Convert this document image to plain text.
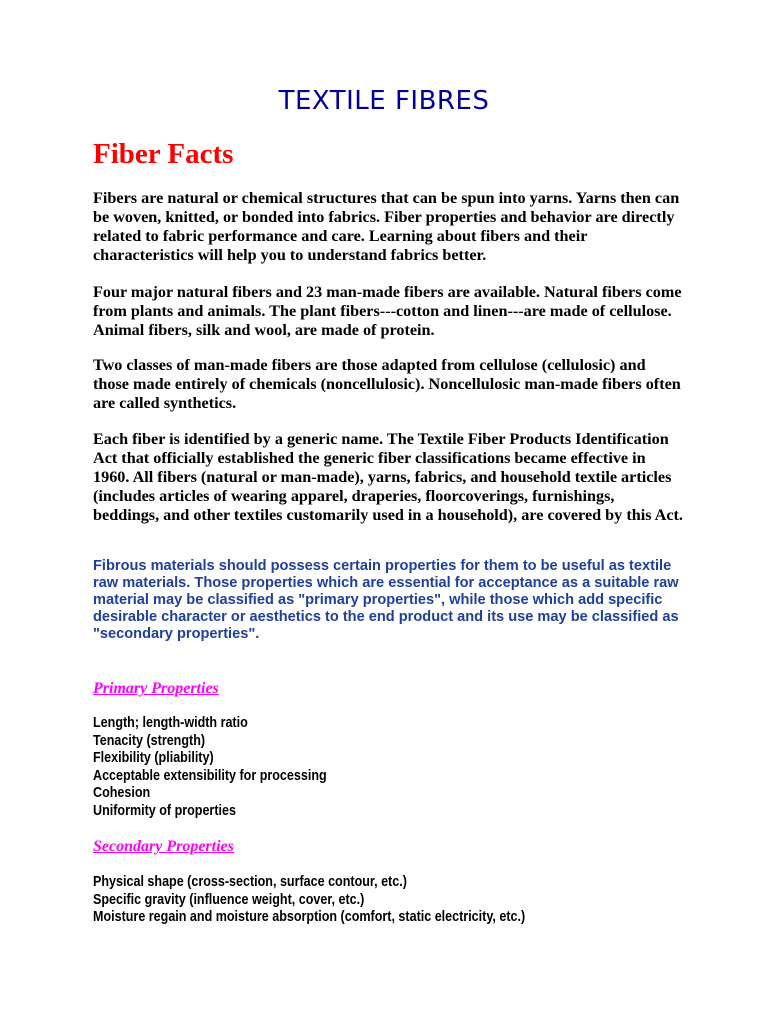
TEXTILE FIBRES
Fiber Facts

Fibers are natural or chemical structures that can be spun into yarns. Yarns then can be woven, knitted, or bonded into fabrics. Fiber properties and behavior are directly related to fabric performance and care. Learning about fibers and their characteristics will help you to understand fabrics better.

Four major natural fibers and 23 man-made fibers are available. Natural fibers come from plants and animals. The plant fibers---cotton and linen---are made of cellulose. Animal fibers, silk and wool, are made of protein.

Two classes of man-made fibers are those adapted from cellulose (cellulosic) and those made entirely of chemicals (noncellulosic). Noncellulosic man-made fibers often are called synthetics.

Each fiber is identified by a generic name. The Textile Fiber Products Identification Act that officially established the generic fiber classifications became effective in 1960. All fibers (natural or man-made), yarns, fabrics, and household textile articles (includes articles of wearing apparel, draperies, floorcoverings, furnishings, beddings, and other textiles customarily used in a household), are covered by this Act.

Fibrous materials should possess certain properties for them to be useful as textile raw materials. Those properties which are essential for acceptance as a suitable raw material may be classified as "primary properties", while those which add specific desirable character or aesthetics to the end product and its use may be classified as "secondary properties".

Primary Properties
Length; length-width ratio
Tenacity (strength)
Flexibility (pliability)
Acceptable extensibility for processing
Cohesion
Uniformity of properties
Secondary Properties
Physical shape (cross-section, surface contour, etc.)
Specific gravity (influence weight, cover, etc.)
Moisture regain and moisture absorption (comfort, static electricity, etc.)
